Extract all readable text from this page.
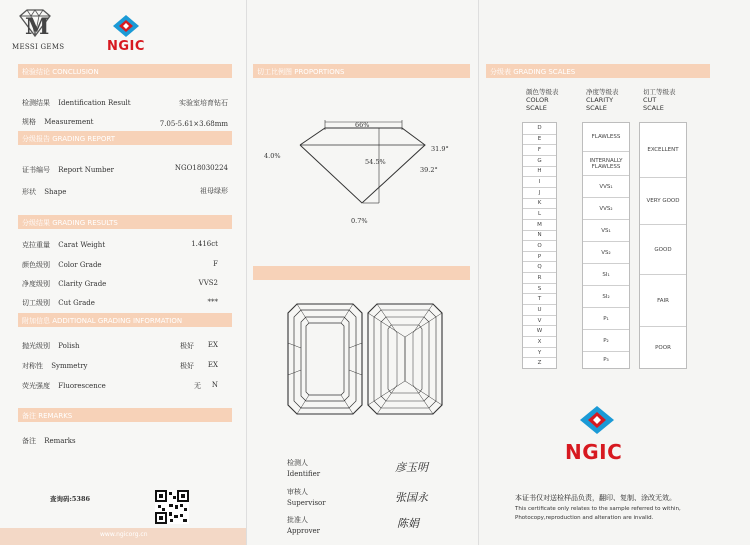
M
MESSI GEMS	NGIC
检验结论 CONCLUSION
检测结果 Identification Result	实验室培育钻石
规格 Measurement	7.05-5.61×3.68mm
分级报告 GRADING REPORT
证书编号 Report Number	NGO18030224
形状 Shape	祖母绿形
分级结果 GRADING RESULTS
克拉重量 Carat Weight	1.416ct
颜色级别 Color Grade	F
净度级别 Clarity Grade	VVS2
切工级别 Cut Grade	***
附加信息 ADDITIONAL GRADING INFORMATION
抛光级别 Polish	极好 EX
对称性 Symmetry	极好 EX
荧光强度 Fluorescence	无 N
备注 REMARKS
备注 Remarks
查询码:5386
www.ngicorg.cn
切工比例图 PROPORTIONS
66%
4.0%
31.9°
54.5%
39.2°
0.7%
检测人
Identifier	彦玉明
审核人
Supervisor	张国永
批准人
Approver
陈娟
分级表 GRADING SCALES
颜色等级表
COLOR
SCALE
净度等级表
CLARITY
SCALE
切工等级表
CUT
SCALE
D
E
F
G
H
I
J
K
L
M
N
O
P
Q
R
S
T
U
V
W
X
Y
Z
FLAWLESS
INTERNALLY FLAWLESS
VVS₁
VVS₂
VS₁
VS₂
SI₁
SI₂
P₁
P₂
P₃
EXCELLENT
VERY GOOD
GOOD
FAIR
POOR
NGIC
本证书仅对送检样品负责，翻印、复制、涂改无效。
This certificate only relates to the sample referred to within,
Photocopy,reproduction and alteration are invalid.
